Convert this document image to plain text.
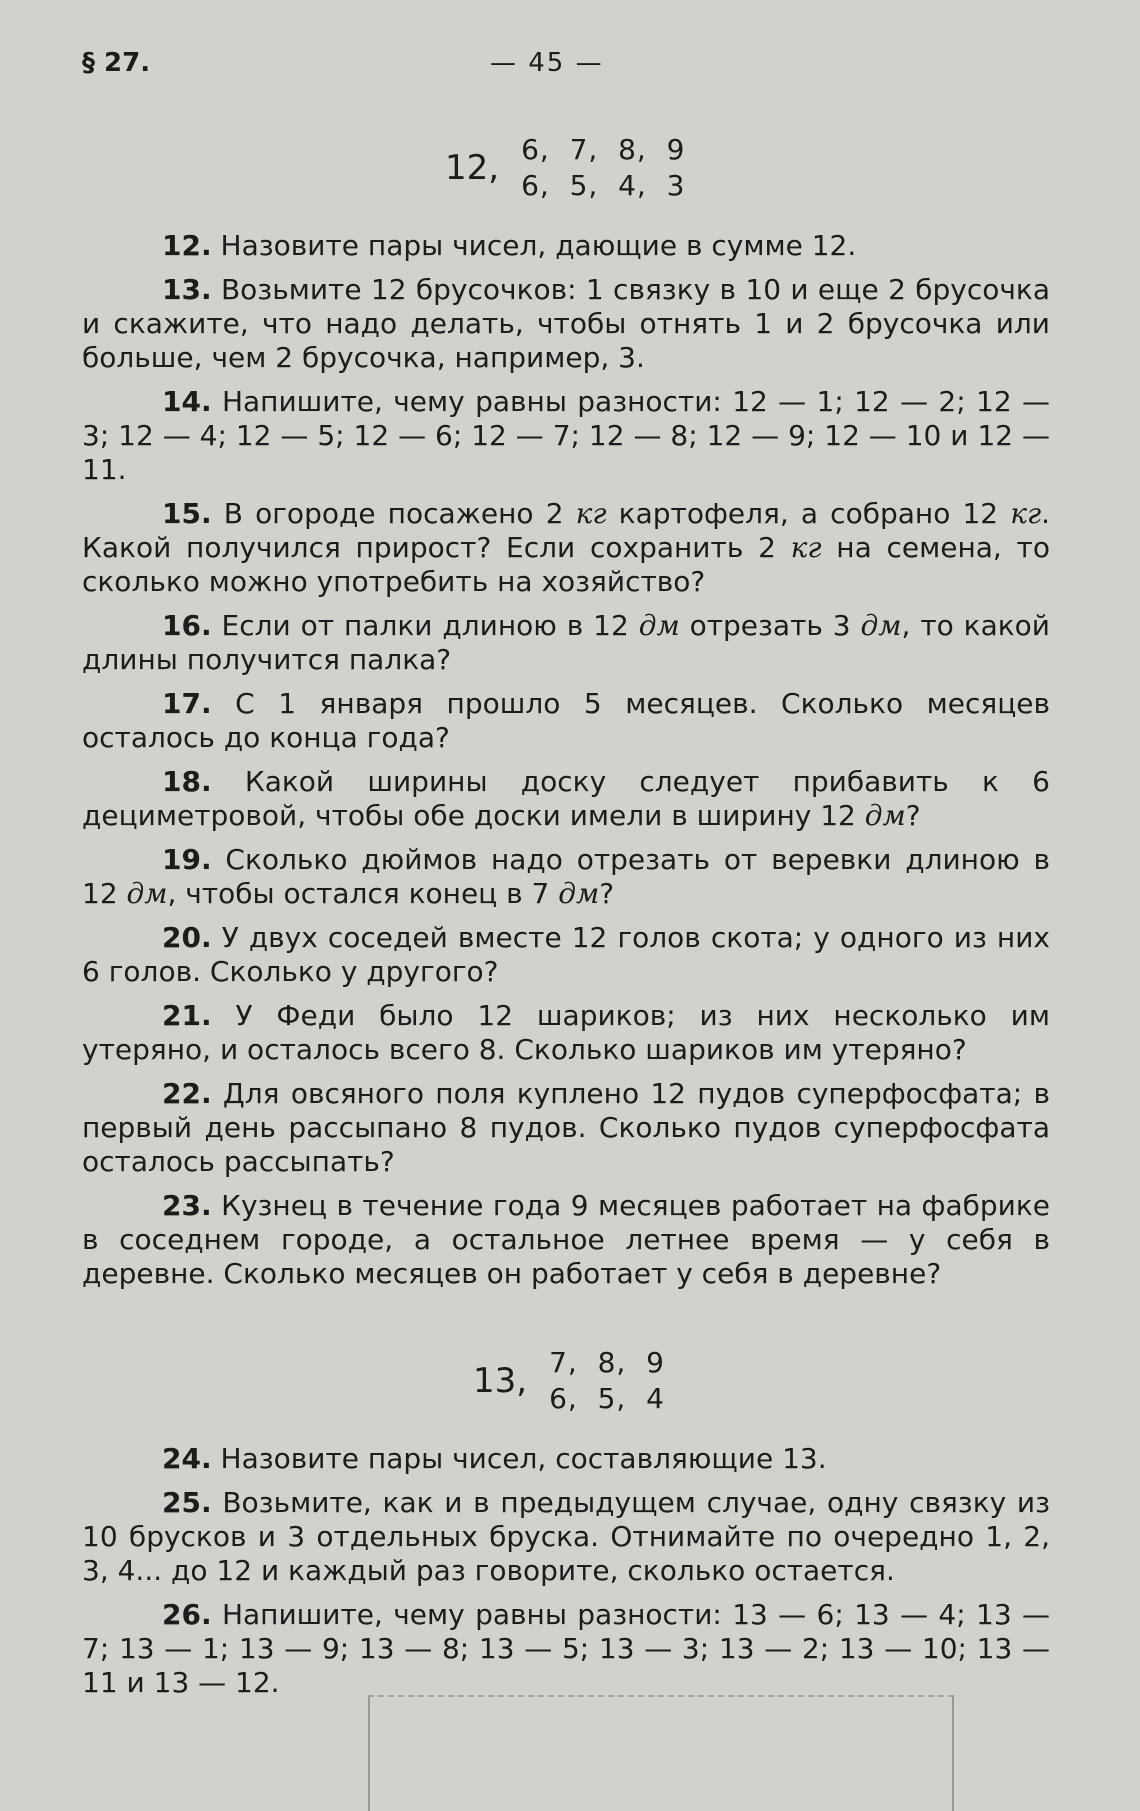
§ 27.	— 45 —
12, 6,  7,  8,  9
6,  5,  4,  3

12. Назовите пары чисел, дающие в сумме 12.

13. Возьмите 12 брусочков: 1 связку в 10 и еще 2 брусочка и скажите, что надо делать, чтобы отнять 1 и 2 брусочка или больше, чем 2 брусочка, например, 3.

14. Напишите, чему равны разности: 12 — 1; 12 — 2; 12 — 3; 12 — 4; 12 — 5; 12 — 6; 12 — 7; 12 — 8; 12 — 9; 12 — 10 и 12 — 11.

15. В огороде посажено 2 кг картофеля, а собрано 12 кг. Какой получился прирост? Если сохранить 2 кг на семена, то сколько можно употребить на хозяйство?

16. Если от палки длиною в 12 дм отрезать 3 дм, то какой длины получится палка?

17. С 1 января прошло 5 месяцев. Сколько месяцев осталось до конца года?

18. Какой ширины доску следует прибавить к 6 дециметровой, чтобы обе доски имели в ширину 12 дм?

19. Сколько дюймов надо отрезать от веревки длиною в 12 дм, чтобы остался конец в 7 дм?

20. У двух соседей вместе 12 голов скота; у одного из них 6 голов. Сколько у другого?

21. У Феди было 12 шариков; из них несколько им утеряно, и осталось всего 8. Сколько шариков им утеряно?

22. Для овсяного поля куплено 12 пудов суперфосфата; в первый день рассыпано 8 пудов. Сколько пудов суперфосфата осталось рассыпать?

23. Кузнец в течение года 9 месяцев работает на фабрике в соседнем городе, а остальное летнее время — у себя в деревне. Сколько месяцев он работает у себя в деревне?

13, 7,  8,  9
6,  5,  4

24. Назовите пары чисел, составляющие 13.

25. Возьмите, как и в предыдущем случае, одну связку из 10 брусков и 3 отдельных бруска. Отнимайте по очередно 1, 2, 3, 4... до 12 и каждый раз говорите, сколько остается.

26. Напишите, чему равны разности: 13 — 6; 13 — 4; 13 — 7; 13 — 1; 13 — 9; 13 — 8; 13 — 5; 13 — 3; 13 — 2; 13 — 10; 13 — 11 и 13 — 12.
